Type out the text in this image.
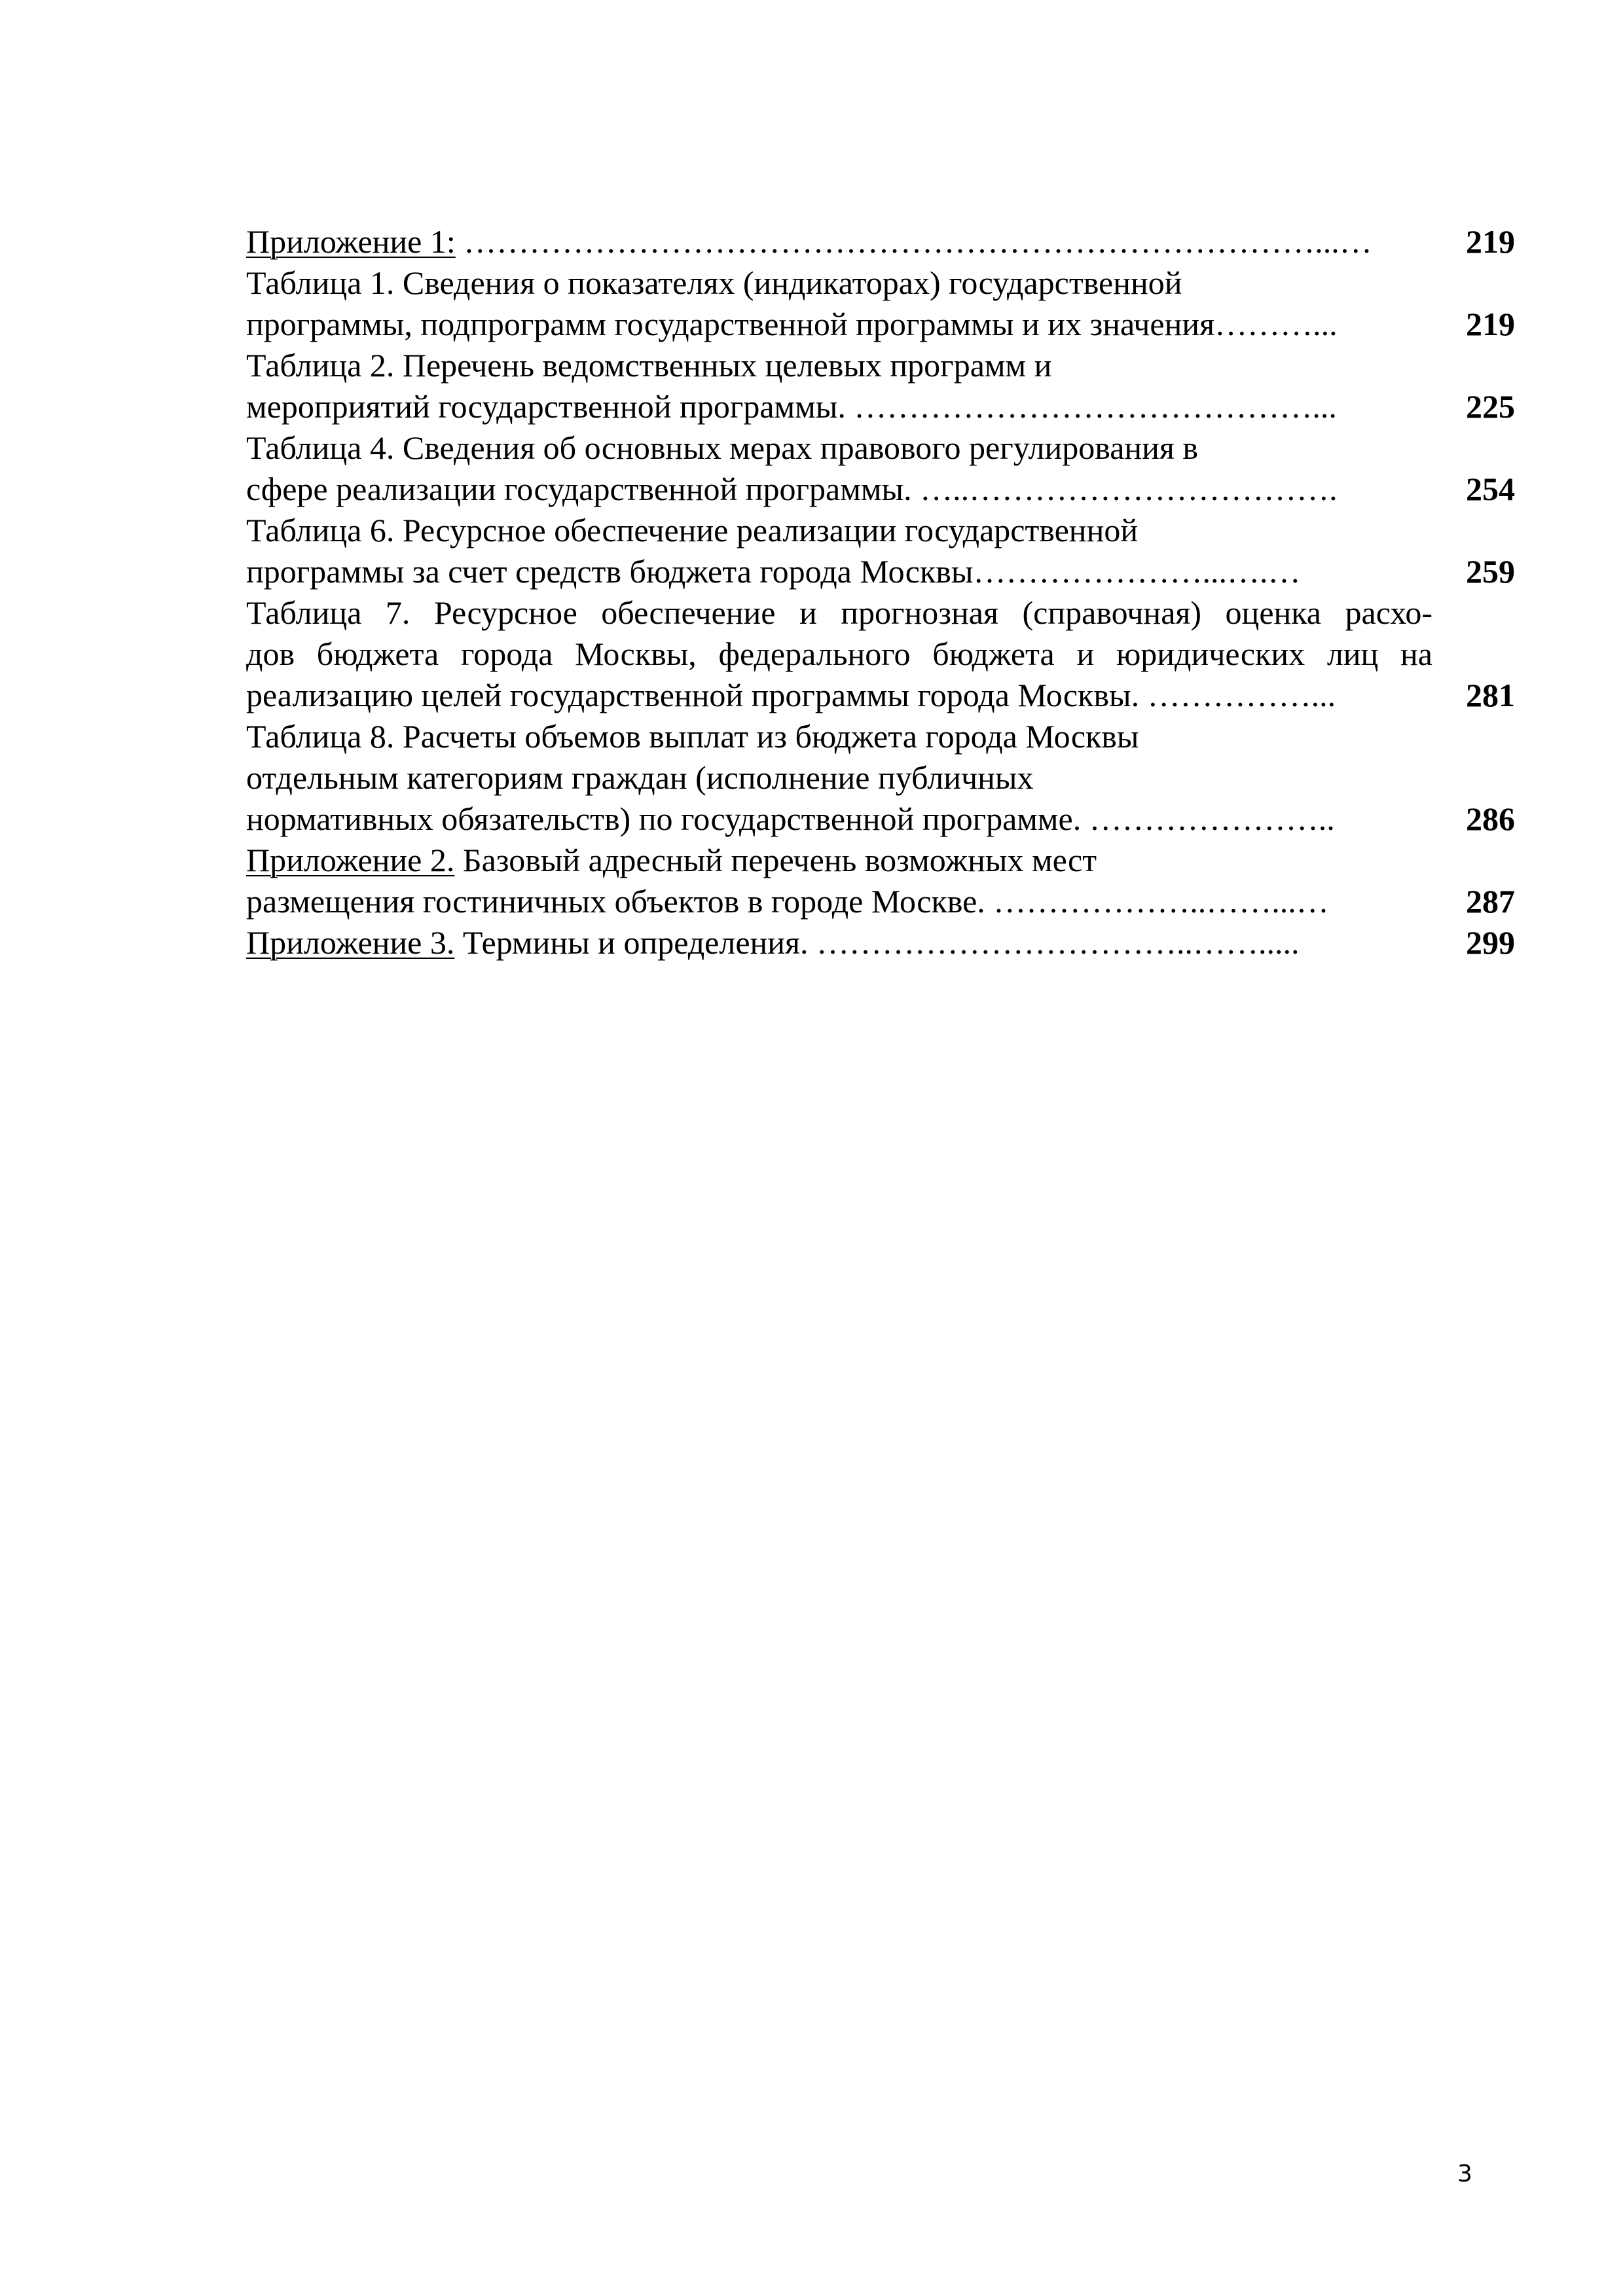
Приложение 1: ……………………………………………………………………...…	219
Таблица 1. Сведения о показателях (индикаторах) государственной
программы, подпрограмм государственной программы и их значения………...	219
Таблица 2. Перечень ведомственных целевых программ и
мероприятий государственной программы. ……………………………………...	225
Таблица 4. Сведения об основных мерах правового регулирования в
сфере реализации государственной программы. …..…………………………….	254
Таблица 6. Ресурсное обеспечение реализации государственной
программы за счет средств бюджета города Москвы…………………...….…	259
Таблица 7. Ресурсное обеспечение и прогнозная (справочная) оценка расхо-
дов бюджета города Москвы, федерального бюджета и юридических лиц на
реализацию целей государственной программы города Москвы. ……………...	281
Таблица 8. Расчеты объемов выплат из бюджета города Москвы
отдельным категориям граждан (исполнение публичных
нормативных обязательств) по государственной программе. …………………..	286
Приложение 2. Базовый адресный перечень возможных мест
размещения гостиничных объектов в городе Москве. ………………..……...…	287
Приложение 3. Термины и определения. ……………………………..…….....	299
3
